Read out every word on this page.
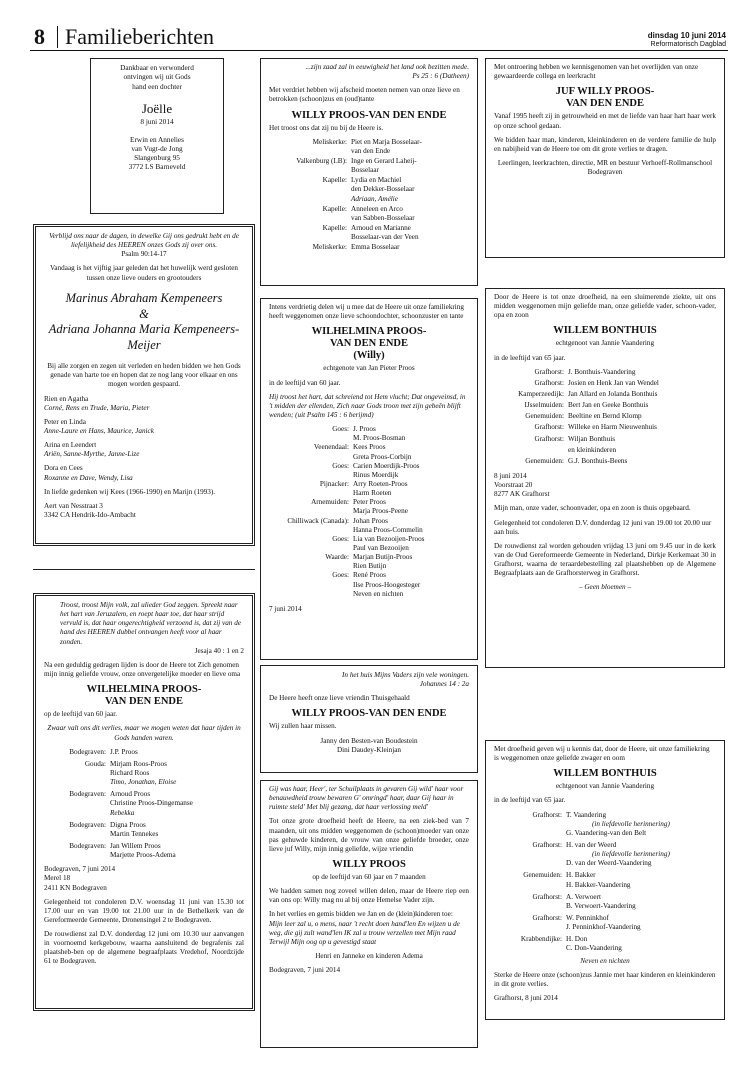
8 Familieberichten	dinsdag 10 juni 2014
Reformatorisch Dagblad
Dankbaar en verwonderd
ontvingen wij uit Gods
hand een dochter
Joëlle
8 juni 2014
Erwin en Annelies
van Vugt-de Jong
Slangenburg 95
3772 LS Barneveld
Verblijd ons naar de dagen, in dewelke Gij ons gedrukt hebt en de liefelijkheid des HEEREN onzes Gods zij over ons.
Psalm 90:14-17
Vandaag is het vijftig jaar geleden dat het huwelijk werd gesloten tussen onze lieve ouders en grootouders
Marinus Abraham Kempeneers
&
Adriana Johanna Maria Kempeneers-Meijer
Bij alle zorgen en zegen uit verleden en heden bidden we hen Gods genade van harte toe en hopen dat ze nog lang voor elkaar en ons mogen worden gespaard.
Rien en Agatha
Corné, Rens en Trude, Maria, Pieter
Peter en Linda
Anne-Laure en Hans, Maurice, Janick
Arina en Leendert
Ariën, Sanne-Myrthe, Janne-Lize
Dora en Cees
Roxanne en Dave, Wendy, Lisa
In liefde gedenken wij Kees (1966-1990) en Marijn (1993).
Aert van Nesstraat 3
3342 CA Hendrik-Ido-Ambacht
Troost, troost Mijn volk, zal ulieder God zeggen. Spreekt naar het hart van Jeruzalem, en roept haar toe, dat haar strijd vervuld is, dat haar ongerechtigheid verzoend is, dat zij van de hand des HEEREN dubbel ontvangen heeft voor al haar zonden.
Jesaja 40 : 1 en 2
Na een geduldig gedragen lijden is door de Heere tot Zich genomen mijn innig geliefde vrouw, onze onvergetelijke moeder en lieve oma
WILHELMINA PROOS-
VAN DEN ENDE
op de leeftijd van 60 jaar.
Zwaar valt ons dit verlies, maar we mogen weten dat haar tijden in Gods handen waren.
Bodegraven: J.P. Proos
Gouda: Mirjam Roos-Proos
Richard Roos
Timo, Jonathan, Eloise
Bodegraven: Arnoud Proos
Christine Proos-Dingemanse
Rebekka
Bodegraven: Digna Proos
Martin Tennekes
Bodegraven: Jan Willem Proos
Marjette Proos-Adema
Bodegraven, 7 juni 2014
Merel 18
2411 KN Bodegraven
Gelegenheid tot condoleren D.V. woensdag 11 juni van 15.30 tot 17.00 uur en van 19.00 tot 21.00 uur in de Bethelkerk van de Gereformeerde Gemeente, Dronensingel 2 te Bodegraven.
De rouwdienst zal D.V. donderdag 12 juni om 10.30 uur aanvangen in voornoemd kerkgebouw, waarna aansluitend de begrafenis zal plaatsheb-ben op de algemene begraafplaats Vredehof, Noordzijde 61 te Bodegraven.
...zijn zaad zal in eeuwigheid het land ook bezitten mede.
Ps 25 : 6 (Datheen)
Met verdriet hebben wij afscheid moeten nemen van onze lieve en betrokken (schoon)zus en (oud)tante
WILLY PROOS-VAN DEN ENDE
Het troost ons dat zij nu bij de Heere is.
Meliskerke: Piet en Marja Bosselaar-
van den Ende
Valkenburg (LB): Inge en Gerard Laheij-
Bosselaar
Kapelle: Lydia en Machiel
den Dekker-Bosselaar
Adriaan, Amélie
Kapelle: Anneleen en Arco
van Sabben-Bosselaar
Kapelle: Arnoud en Marianne
Bosselaar-van der Veen
Meliskerke: Emma Bosselaar
Intens verdrietig delen wij u mee dat de Heere uit onze familiekring heeft weggenomen onze lieve schoondochter, schoonzuster en tante
WILHELMINA PROOS-
VAN DEN ENDE
(Willy)
echtgenote van Jan Pieter Proos
in de leeftijd van 60 jaar.
Hij troost het hart, dat schreiend tot Hem vlucht; Dat ongeveinsd, in 't midden der ellenden, Zich naar Gods troon met zijn gebeên blijft wenden; (uit Psalm 145 : 6 berijmd)
Goes: J. Proos
M. Proos-Bosman
Veenendaal: Kees Proos
Greta Proos-Corbijn
Goes: Carien Moerdijk-Proos
Rinus Moerdijk
Pijnacker: Arry Roeten-Proos
Harm Roeten
Arnemuiden: Peter Proos
Marja Proos-Peene
Chilliwack (Canada): Johan Proos
Hanna Proos-Commelin
Goes: Lia van Bezooijen-Proos
Paul van Bezooijen
Waarde: Marjan Butijn-Proos
Rien Butijn
Goes: René Proos
Ilse Proos-Hoogesteger
Neven en nichten
7 juni 2014
In het huis Mijns Vaders zijn vele woningen.
Johannes 14 : 2a
De Heere heeft onze lieve vriendin Thuisgehaald
WILLY PROOS-VAN DEN ENDE
Wij zullen haar missen.
Janny den Besten-van Boudestein
Dini Daudey-Kleinjan
Gij was haar, Heer', ter Schuilplaats in gevaren Gij wild' haar voor benauwdheid trouw bewaren G' omringd' haar, daar Gij haar in ruimte steld' Met blij gezang, dat haar verlossing meld'
Tot onze grote droefheid heeft de Heere, na een ziek-bed van 7 maanden, uit ons midden weggenomen de (schoon)moeder van onze pas gehuwde kinderen, de vrouw van onze geliefde broeder, onze lieve juf Willy, mijn innig geliefde, wijze vriendin
WILLY PROOS
op de leeftijd van 60 jaar en 7 maanden
We hadden samen nog zoveel willen delen, maar de Heere riep een van ons op: Willy mag nu al bij onze Hemelse Vader zijn.
In het verlies en gemis bidden we Jan en de (klein)kinderen toe:
Mijn leer zal u, o mens, naar 't recht doen hand'len En wijzen u de weg, die gij zult wand'len IK zal u trouw verzellen met Mijn raad Terwijl Mijn oog op u gevestigd staat
Henri en Janneke en kinderen Adema
Bodegraven, 7 juni 2014
Met ontroering hebben we kennisgenomen van het overlijden van onze gewaardeerde collega en leerkracht
JUF WILLY PROOS-
VAN DEN ENDE
Vanaf 1995 heeft zij in getrouwheid en met de liefde van haar hart haar werk op onze school gedaan.
We bidden haar man, kinderen, kleinkinderen en de verdere familie de hulp en nabijheid van de Heere toe om dit grote verlies te dragen.
Leerlingen, leerkrachten, directie, MR en bestuur Verhoeff-Rollmanschool Bodegraven
Door de Heere is tot onze droefheid, na een sluimerende ziekte, uit ons midden weggenomen mijn geliefde man, onze geliefde vader, schoon-vader, opa en zoon
WILLEM BONTHUIS
echtgenoot van Jannie Vaandering
in de leeftijd van 65 jaar.
Grafhorst: J. Bonthuis-Vaandering
Grafhorst: Josien en Henk Jan van Wendel
Kamperzeedijk: Jan Allard en Jolanda Bonthuis
IJsselmuiden: Bert Jan en Geeke Bonthuis
Genemuiden: Beeltine en Bernd Klomp
Grafhorst: Willeke en Harm Nieuwenhuis
Grafhorst: Wiljan Bonthuis
en kleinkinderen
Genemuiden: G.J. Bonthuis-Beens
8 juni 2014
Voorstraat 20
8277 AK Grafhorst
Mijn man, onze vader, schoonvader, opa en zoon is thuis opgebaard.
Gelegenheid tot condoleren D.V. donderdag 12 juni van 19.00 tot 20.00 uur aan huis.
De rouwdienst zal worden gehouden vrijdag 13 juni om 9.45 uur in de kerk van de Oud Gereformeerde Gemeente in Nederland, Dirkje Kerkemaat 30 in Grafhorst, waarna de teraardebestelling zal plaatshebben op de Algemene Begraafplaats aan de Grafhorsterweg in Grafhorst.
– Geen bloemen –
Met droefheid geven wij u kennis dat, door de Heere, uit onze familiekring is weggenomen onze geliefde zwager en oom
WILLEM BONTHUIS
echtgenoot van Jannie Vaandering
in de leeftijd van 65 jaar.
Grafhorst: T. Vaandering
(in liefdevolle herinnering)
G. Vaandering-van den Belt
Grafhorst: H. van der Weerd
(in liefdevolle herinnering)
D. van der Weerd-Vaandering
Genemuiden: H. Bakker
H. Bakker-Vaandering
Grafhorst: A. Verwoert
B. Verwoert-Vaandering
Grafhorst: W. Penninkhof
J. Penninkhof-Vaandering
Krabbendijke: H. Don
C. Don-Vaandering
Neven en nichten
Sterke de Heere onze (schoon)zus Jannie met haar kinderen en kleinkinderen in dit grote verlies.
Grafhorst, 8 juni 2014
